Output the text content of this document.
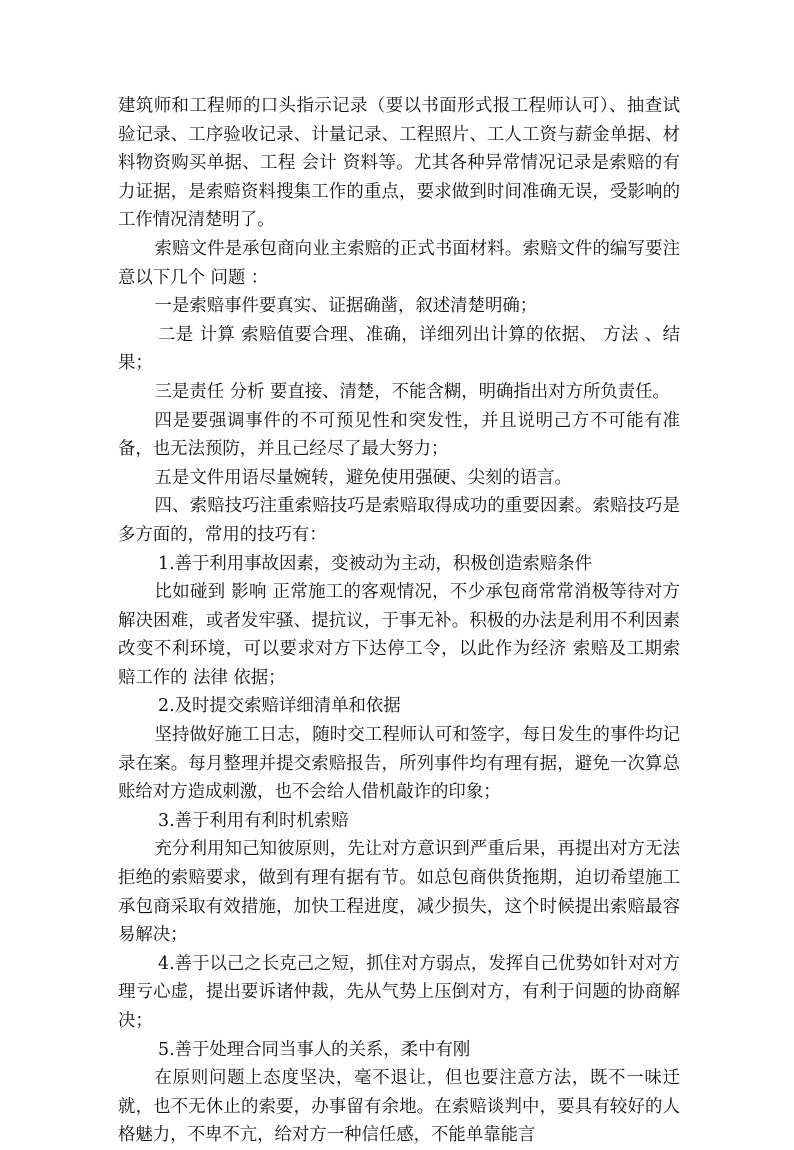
建筑师和工程师的口头指示记录（要以书面形式报工程师认可）、抽查试验记录、工序验收记录、计量记录、工程照片、工人工资与薪金单据、材料物资购买单据、工程 会计 资料等。尤其各种异常情况记录是索赔的有力证据，是索赔资料搜集工作的重点，要求做到时间准确无误，受影响的工作情况清楚明了。

索赔文件是承包商向业主索赔的正式书面材料。索赔文件的编写要注意以下几个 问题 ：

一是索赔事件要真实、证据确凿，叙述清楚明确；

二是 计算 索赔值要合理、准确，详细列出计算的依据、 方法 、结果；

三是责任 分析 要直接、清楚，不能含糊，明确指出对方所负责任。

四是要强调事件的不可预见性和突发性，并且说明己方不可能有准备，也无法预防，并且己经尽了最大努力；

五是文件用语尽量婉转，避免使用强硬、尖刻的语言。

四、索赔技巧注重索赔技巧是索赔取得成功的重要因素。索赔技巧是多方面的，常用的技巧有：

1.善于利用事故因素，变被动为主动，积极创造索赔条件

比如碰到 影响 正常施工的客观情况，不少承包商常常消极等待对方解决困难，或者发牢骚、提抗议，于事无补。积极的办法是利用不利因素改变不利环境，可以要求对方下达停工令，以此作为经济 索赔及工期索赔工作的 法律 依据；

2.及时提交索赔详细清单和依据

坚持做好施工日志，随时交工程师认可和签字，每日发生的事件均记录在案。每月整理并提交索赔报告，所列事件均有理有据，避免一次算总账给对方造成刺激，也不会给人借机敲诈的印象；

3.善于利用有利时机索赔

充分利用知己知彼原则，先让对方意识到严重后果，再提出对方无法拒绝的索赔要求，做到有理有据有节。如总包商供货拖期，迫切希望施工承包商采取有效措施，加快工程进度，减少损失，这个时候提出索赔最容易解决；

4.善于以己之长克己之短，抓住对方弱点，发挥自己优势如针对对方理亏心虚，提出要诉诸仲裁，先从气势上压倒对方，有利于问题的协商解决；

5.善于处理合同当事人的关系，柔中有刚

在原则问题上态度坚决，毫不退让，但也要注意方法，既不一味迁就，也不无休止的索要，办事留有余地。在索赔谈判中，要具有较好的人格魅力，不卑不亢，给对方一种信任感，不能单靠能言
